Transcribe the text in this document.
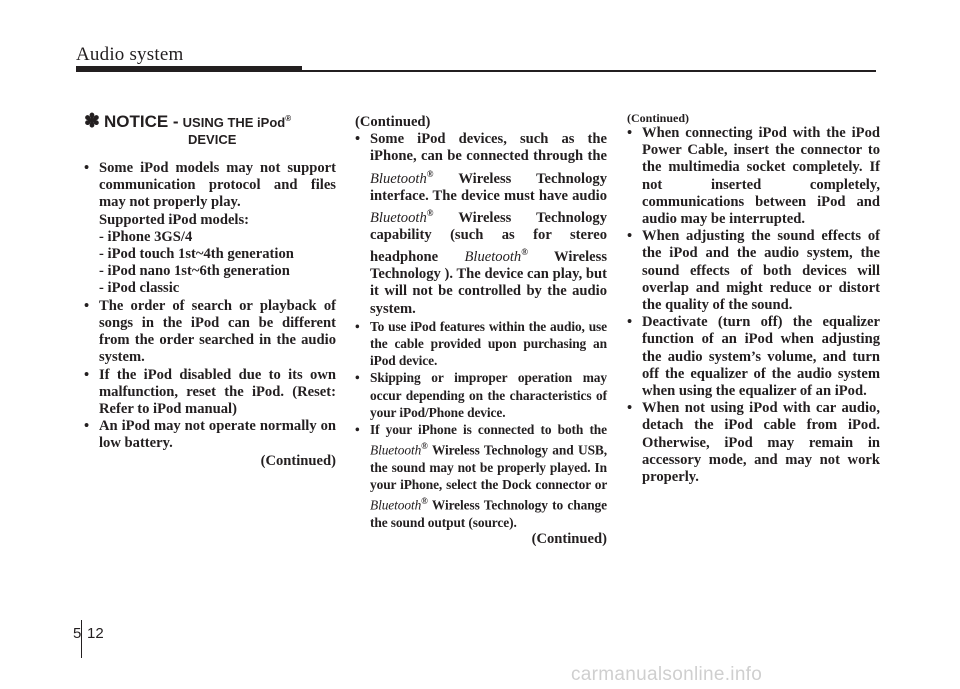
Audio system
✽ NOTICE - USING THE iPod®
DEVICE
• Some iPod models may not support communication protocol and files may not properly play.
Supported iPod models:
- iPhone 3GS/4
- iPod touch 1st~4th generation
- iPod nano 1st~6th generation
- iPod classic
• The order of search or playback of songs in the iPod can be different from the order searched in the audio system.
• If the iPod disabled due to its own malfunction, reset the iPod. (Reset: Refer to iPod manual)
• An iPod may not operate normally on low battery.
(Continued)
(Continued)
• Some iPod devices, such as the iPhone, can be connected through the Bluetooth® Wireless Technology interface. The device must have audio Bluetooth® Wireless Technology capability (such as for stereo headphone Bluetooth® Wireless Technology ). The device can play, but it will not be controlled by the audio system.
• To use iPod features within the audio, use the cable provided upon purchasing an iPod device.
• Skipping or improper operation may occur depending on the characteristics of your iPod/Phone device.
• If your iPhone is connected to both the Bluetooth® Wireless Technology and USB, the sound may not be properly played. In your iPhone, select the Dock connector or Bluetooth® Wireless Technology to change the sound output (source).
(Continued)
(Continued)
• When connecting iPod with the iPod Power Cable, insert the connector to the multimedia socket completely. If not inserted completely, communications between iPod and audio may be interrupted.
• When adjusting the sound effects of the iPod and the audio system, the sound effects of both devices will overlap and might reduce or distort the quality of the sound.
• Deactivate (turn off) the equalizer function of an iPod when adjusting the audio system’s volume, and turn off the equalizer of the audio system when using the equalizer of an iPod.
• When not using iPod with car audio, detach the iPod cable from iPod. Otherwise, iPod may remain in accessory mode, and may not work properly.
5 12
carmanualsonline.info
